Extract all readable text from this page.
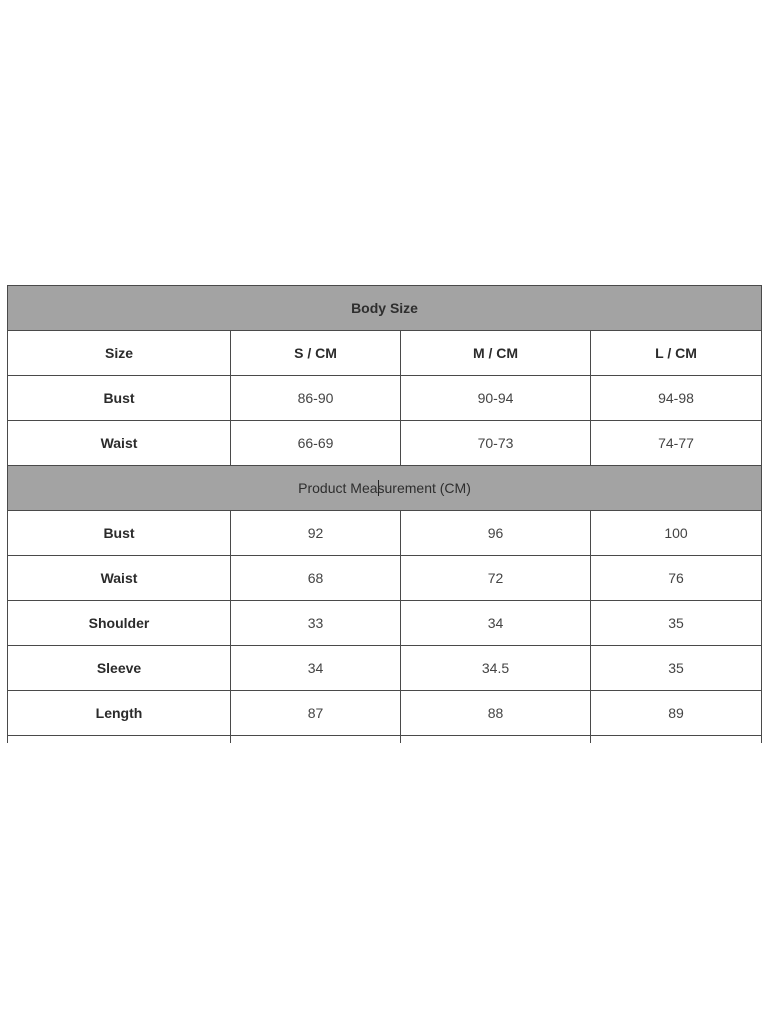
Body Size			
Size	S / CM	M / CM	L / CM
Bust	86-90	90-94	94-98
Waist	66-69	70-73	74-77
Product Measurement (CM)			
Bust	92	96	100
Waist	68	72	76
Shoulder	33	34	35
Sleeve	34	34.5	35
Length	87	88	89
